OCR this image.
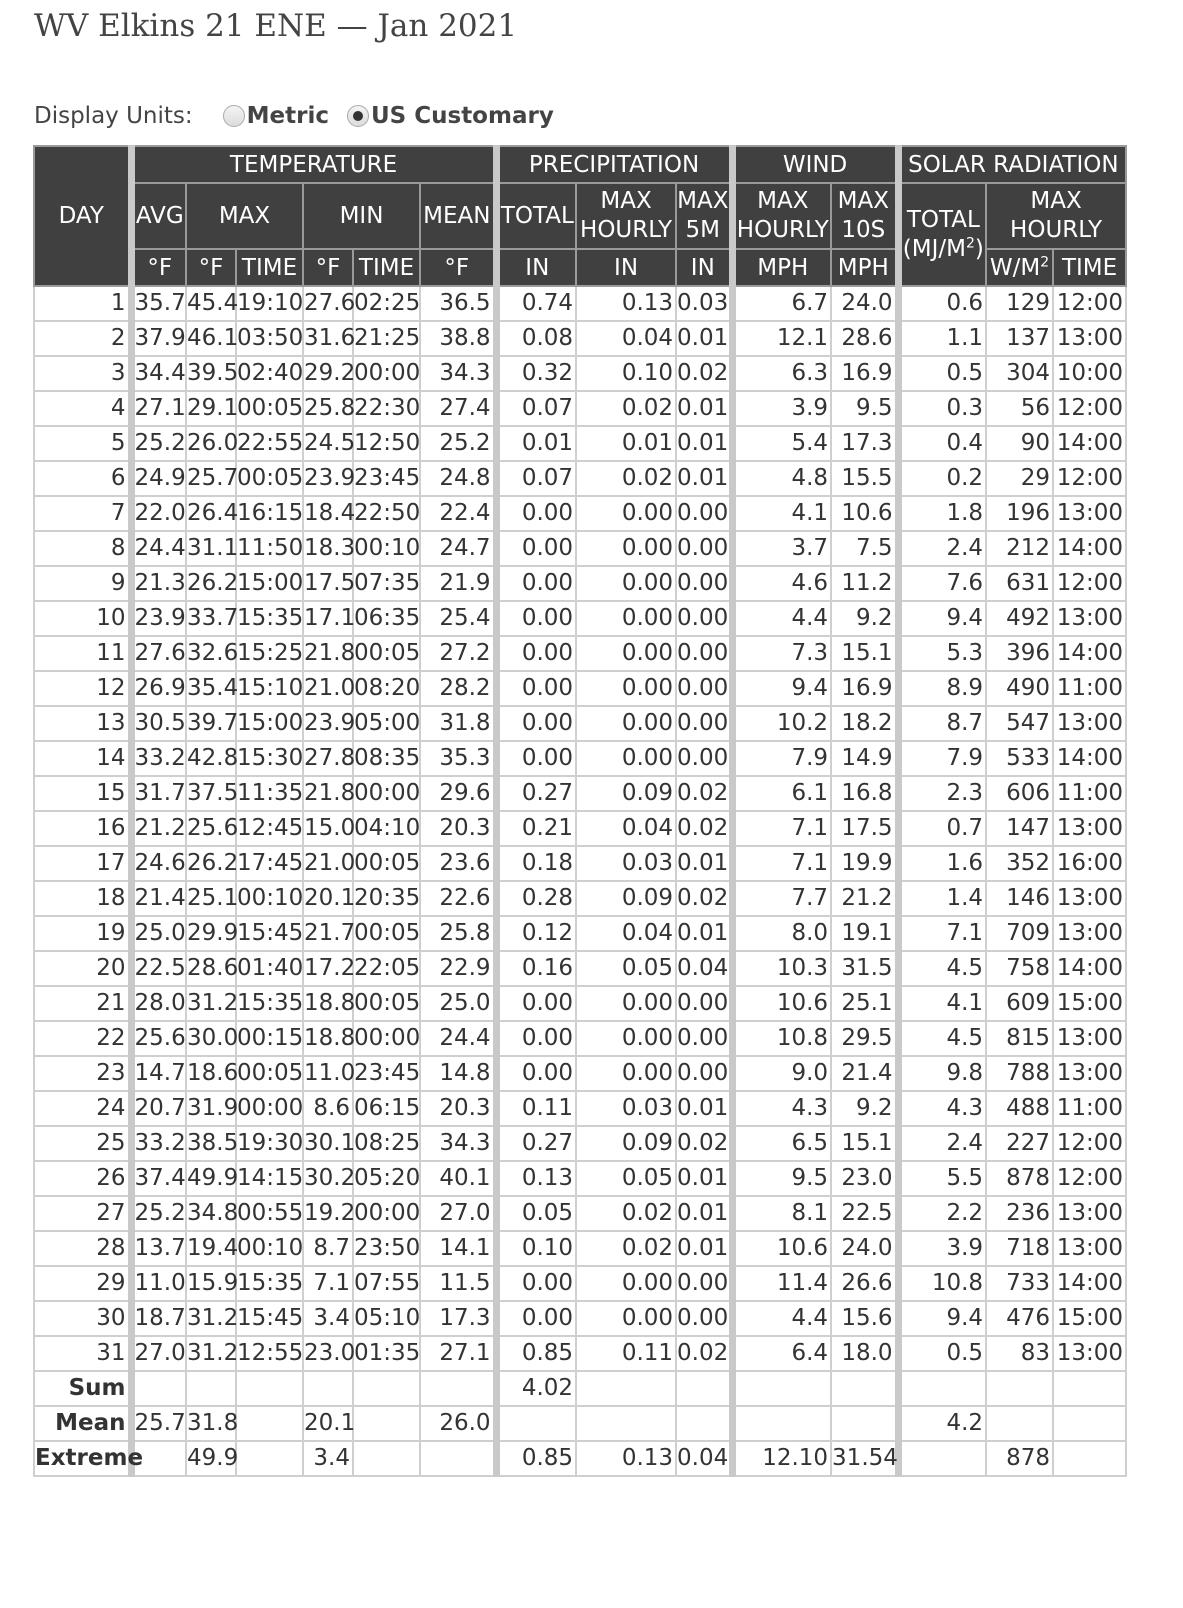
WV Elkins 21 ENE — Jan 2021
Display Units: Metric US Customary
DAY	TEMPERATURE						PRECIPITATION			WIND		SOLAR RADIATION		
	AVG	MAX		MIN		MEAN	TOTAL	MAX HOURLY	MAX 5M	MAX HOURLY	MAX 10S	TOTAL $(MJ/M^2)$	MAX HOURLY	
	°F	°F	TIME	°F	TIME	°F	IN	IN	IN	MPH	MPH		$W/M^2$	TIME
1	35.7	45.4	19:10	27.6	02:25	36.5	0.74	0.13	0.03	6.7	24.0	0.6	129	12:00
2	37.9	46.1	03:50	31.6	21:25	38.8	0.08	0.04	0.01	12.1	28.6	1.1	137	13:00
3	34.4	39.5	02:40	29.2	00:00	34.3	0.32	0.10	0.02	6.3	16.9	0.5	304	10:00
4	27.1	29.1	00:05	25.8	22:30	27.4	0.07	0.02	0.01	3.9	9.5	0.3	56	12:00
5	25.2	26.0	22:55	24.5	12:50	25.2	0.01	0.01	0.01	5.4	17.3	0.4	90	14:00
6	24.9	25.7	00:05	23.9	23:45	24.8	0.07	0.02	0.01	4.8	15.5	0.2	29	12:00
7	22.0	26.4	16:15	18.4	22:50	22.4	0.00	0.00	0.00	4.1	10.6	1.8	196	13:00
8	24.4	31.1	11:50	18.3	00:10	24.7	0.00	0.00	0.00	3.7	7.5	2.4	212	14:00
9	21.3	26.2	15:00	17.5	07:35	21.9	0.00	0.00	0.00	4.6	11.2	7.6	631	12:00
10	23.9	33.7	15:35	17.1	06:35	25.4	0.00	0.00	0.00	4.4	9.2	9.4	492	13:00
11	27.6	32.6	15:25	21.8	00:05	27.2	0.00	0.00	0.00	7.3	15.1	5.3	396	14:00
12	26.9	35.4	15:10	21.0	08:20	28.2	0.00	0.00	0.00	9.4	16.9	8.9	490	11:00
13	30.5	39.7	15:00	23.9	05:00	31.8	0.00	0.00	0.00	10.2	18.2	8.7	547	13:00
14	33.2	42.8	15:30	27.8	08:35	35.3	0.00	0.00	0.00	7.9	14.9	7.9	533	14:00
15	31.7	37.5	11:35	21.8	00:00	29.6	0.27	0.09	0.02	6.1	16.8	2.3	606	11:00
16	21.2	25.6	12:45	15.0	04:10	20.3	0.21	0.04	0.02	7.1	17.5	0.7	147	13:00
17	24.6	26.2	17:45	21.0	00:05	23.6	0.18	0.03	0.01	7.1	19.9	1.6	352	16:00
18	21.4	25.1	00:10	20.1	20:35	22.6	0.28	0.09	0.02	7.7	21.2	1.4	146	13:00
19	25.0	29.9	15:45	21.7	00:05	25.8	0.12	0.04	0.01	8.0	19.1	7.1	709	13:00
20	22.5	28.6	01:40	17.2	22:05	22.9	0.16	0.05	0.04	10.3	31.5	4.5	758	14:00
21	28.0	31.2	15:35	18.8	00:05	25.0	0.00	0.00	0.00	10.6	25.1	4.1	609	15:00
22	25.6	30.0	00:15	18.8	00:00	24.4	0.00	0.00	0.00	10.8	29.5	4.5	815	13:00
23	14.7	18.6	00:05	11.0	23:45	14.8	0.00	0.00	0.00	9.0	21.4	9.8	788	13:00
24	20.7	31.9	00:00	8.6	06:15	20.3	0.11	0.03	0.01	4.3	9.2	4.3	488	11:00
25	33.2	38.5	19:30	30.1	08:25	34.3	0.27	0.09	0.02	6.5	15.1	2.4	227	12:00
26	37.4	49.9	14:15	30.2	05:20	40.1	0.13	0.05	0.01	9.5	23.0	5.5	878	12:00
27	25.2	34.8	00:55	19.2	00:00	27.0	0.05	0.02	0.01	8.1	22.5	2.2	236	13:00
28	13.7	19.4	00:10	8.7	23:50	14.1	0.10	0.02	0.01	10.6	24.0	3.9	718	13:00
29	11.0	15.9	15:35	7.1	07:55	11.5	0.00	0.00	0.00	11.4	26.6	10.8	733	14:00
30	18.7	31.2	15:45	3.4	05:10	17.3	0.00	0.00	0.00	4.4	15.6	9.4	476	15:00
31	27.0	31.2	12:55	23.0	01:35	27.1	0.85	0.11	0.02	6.4	18.0	0.5	83	13:00
Sum							4.02							
Mean	25.7	31.8		20.1		26.0						4.2		
Extreme		49.9		3.4			0.85	0.13	0.04	12.10	31.54		878	
